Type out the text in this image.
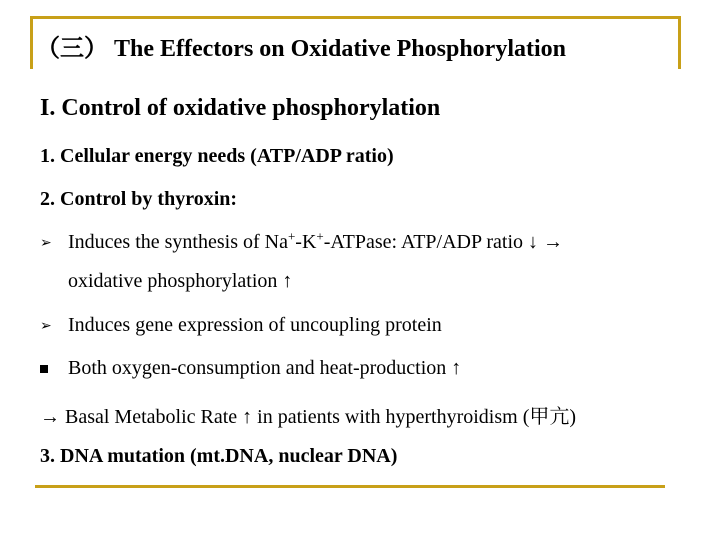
（三） The Effectors on Oxidative Phosphorylation
I. Control of oxidative phosphorylation
1. Cellular energy needs (ATP/ADP ratio)
2. Control by thyroxin:
➢ Induces the synthesis of Na+-K+-ATPase: ATP/ADP ratio ↓ →
oxidative phosphorylation ↑
➢ Induces gene expression of uncoupling protein
Both oxygen-consumption and heat-production ↑
→ Basal Metabolic Rate ↑ in patients with hyperthyroidism (甲亢)
3. DNA mutation (mt.DNA, nuclear DNA)
